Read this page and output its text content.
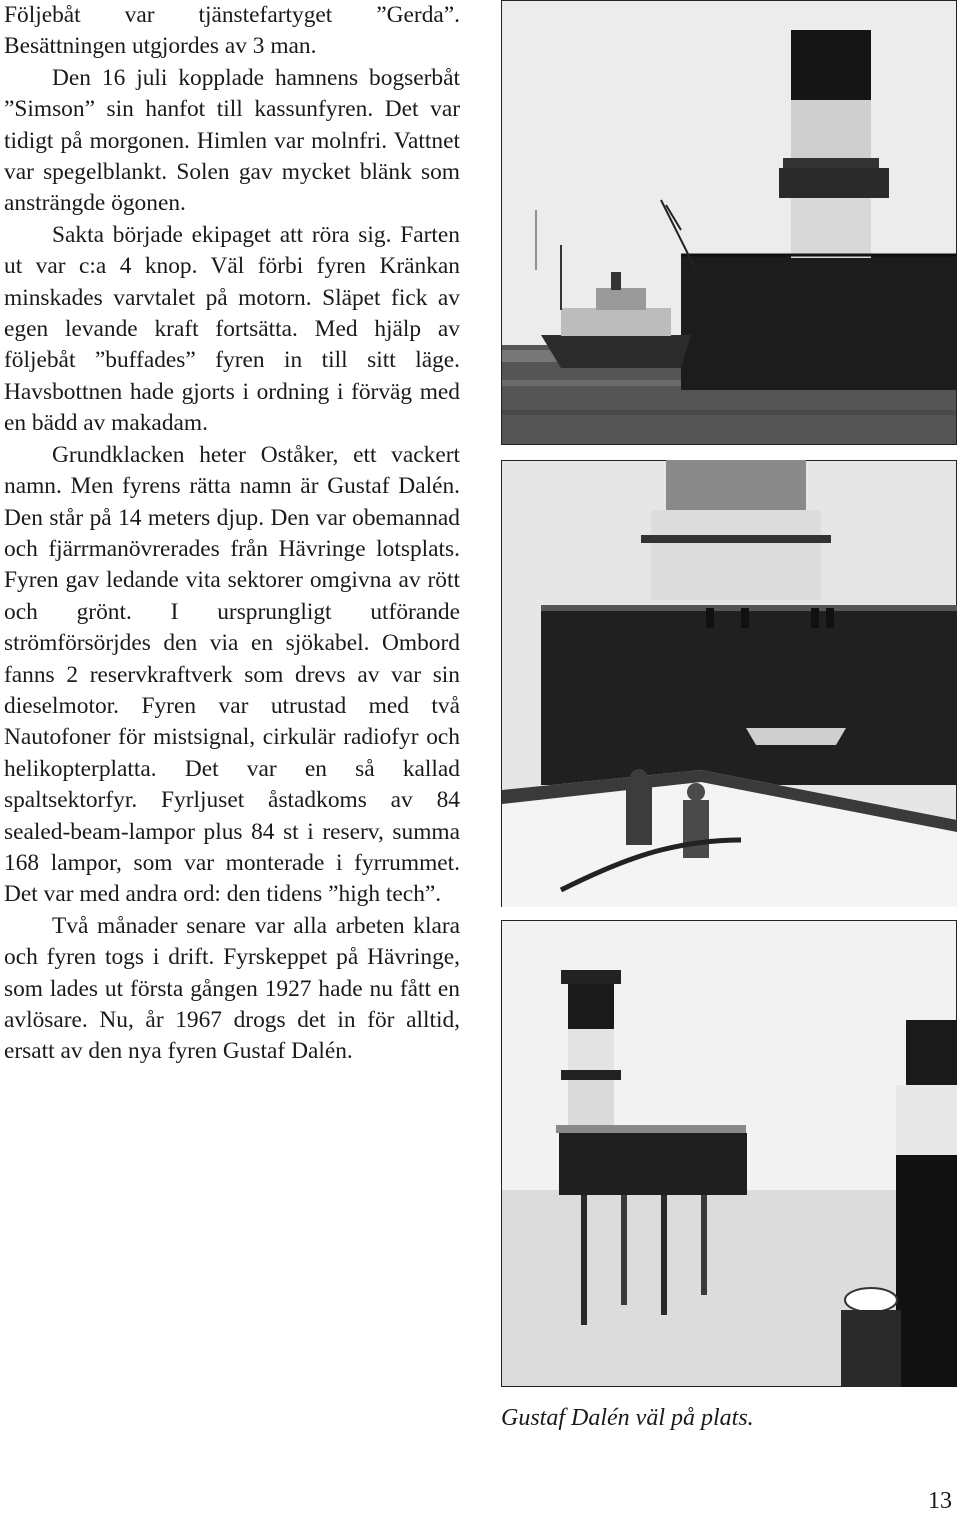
Följebåt var tjänstefartyget ”Gerda”. Besättningen utgjordes av 3 man.

Den 16 juli kopplade hamnens bogserbåt ”Simson” sin hanfot till kassunfyren. Det var tidigt på morgonen. Himlen var molnfri. Vattnet var spegelblankt. Solen gav mycket blänk som ansträngde ögonen.

Sakta började ekipaget att röra sig. Farten ut var c:a 4 knop. Väl förbi fyren Kränkan minskades varvtalet på motorn. Släpet fick av egen levande kraft fortsätta. Med hjälp av följebåt ”buffades” fyren in till sitt läge. Havsbottnen hade gjorts i ordning i förväg med en bädd av makadam.

Grundklacken heter Oståker, ett vackert namn. Men fyrens rätta namn är Gustaf Dalén. Den står på 14 meters djup. Den var obemannad och fjärrmanövrerades från Hävringe lotsplats. Fyren gav ledande vita sektorer omgivna av rött och grönt. I ursprungligt utförande strömförsörjdes den via en sjökabel. Ombord fanns 2 reservkraftverk som drevs av var sin dieselmotor. Fyren var utrustad med två Nautofoner för mistsignal, cirkulär radiofyr och helikopterplatta. Det var en så kallad spaltsektorfyr. Fyrljuset åstadkoms av 84 sealed-beam-lampor plus 84 st i reserv, summa 168 lampor, som var monterade i fyrrummet. Det var med andra ord: den tidens ”high tech”.

Två månader senare var alla arbeten klara och fyren togs i drift. Fyrskeppet på Hävringe, som lades ut första gången 1927 hade nu fått en avlösare. Nu, år 1967 drogs det in för alltid, ersatt av den nya fyren Gustaf Dalén.

Gustaf Dalén väl på plats.
13
